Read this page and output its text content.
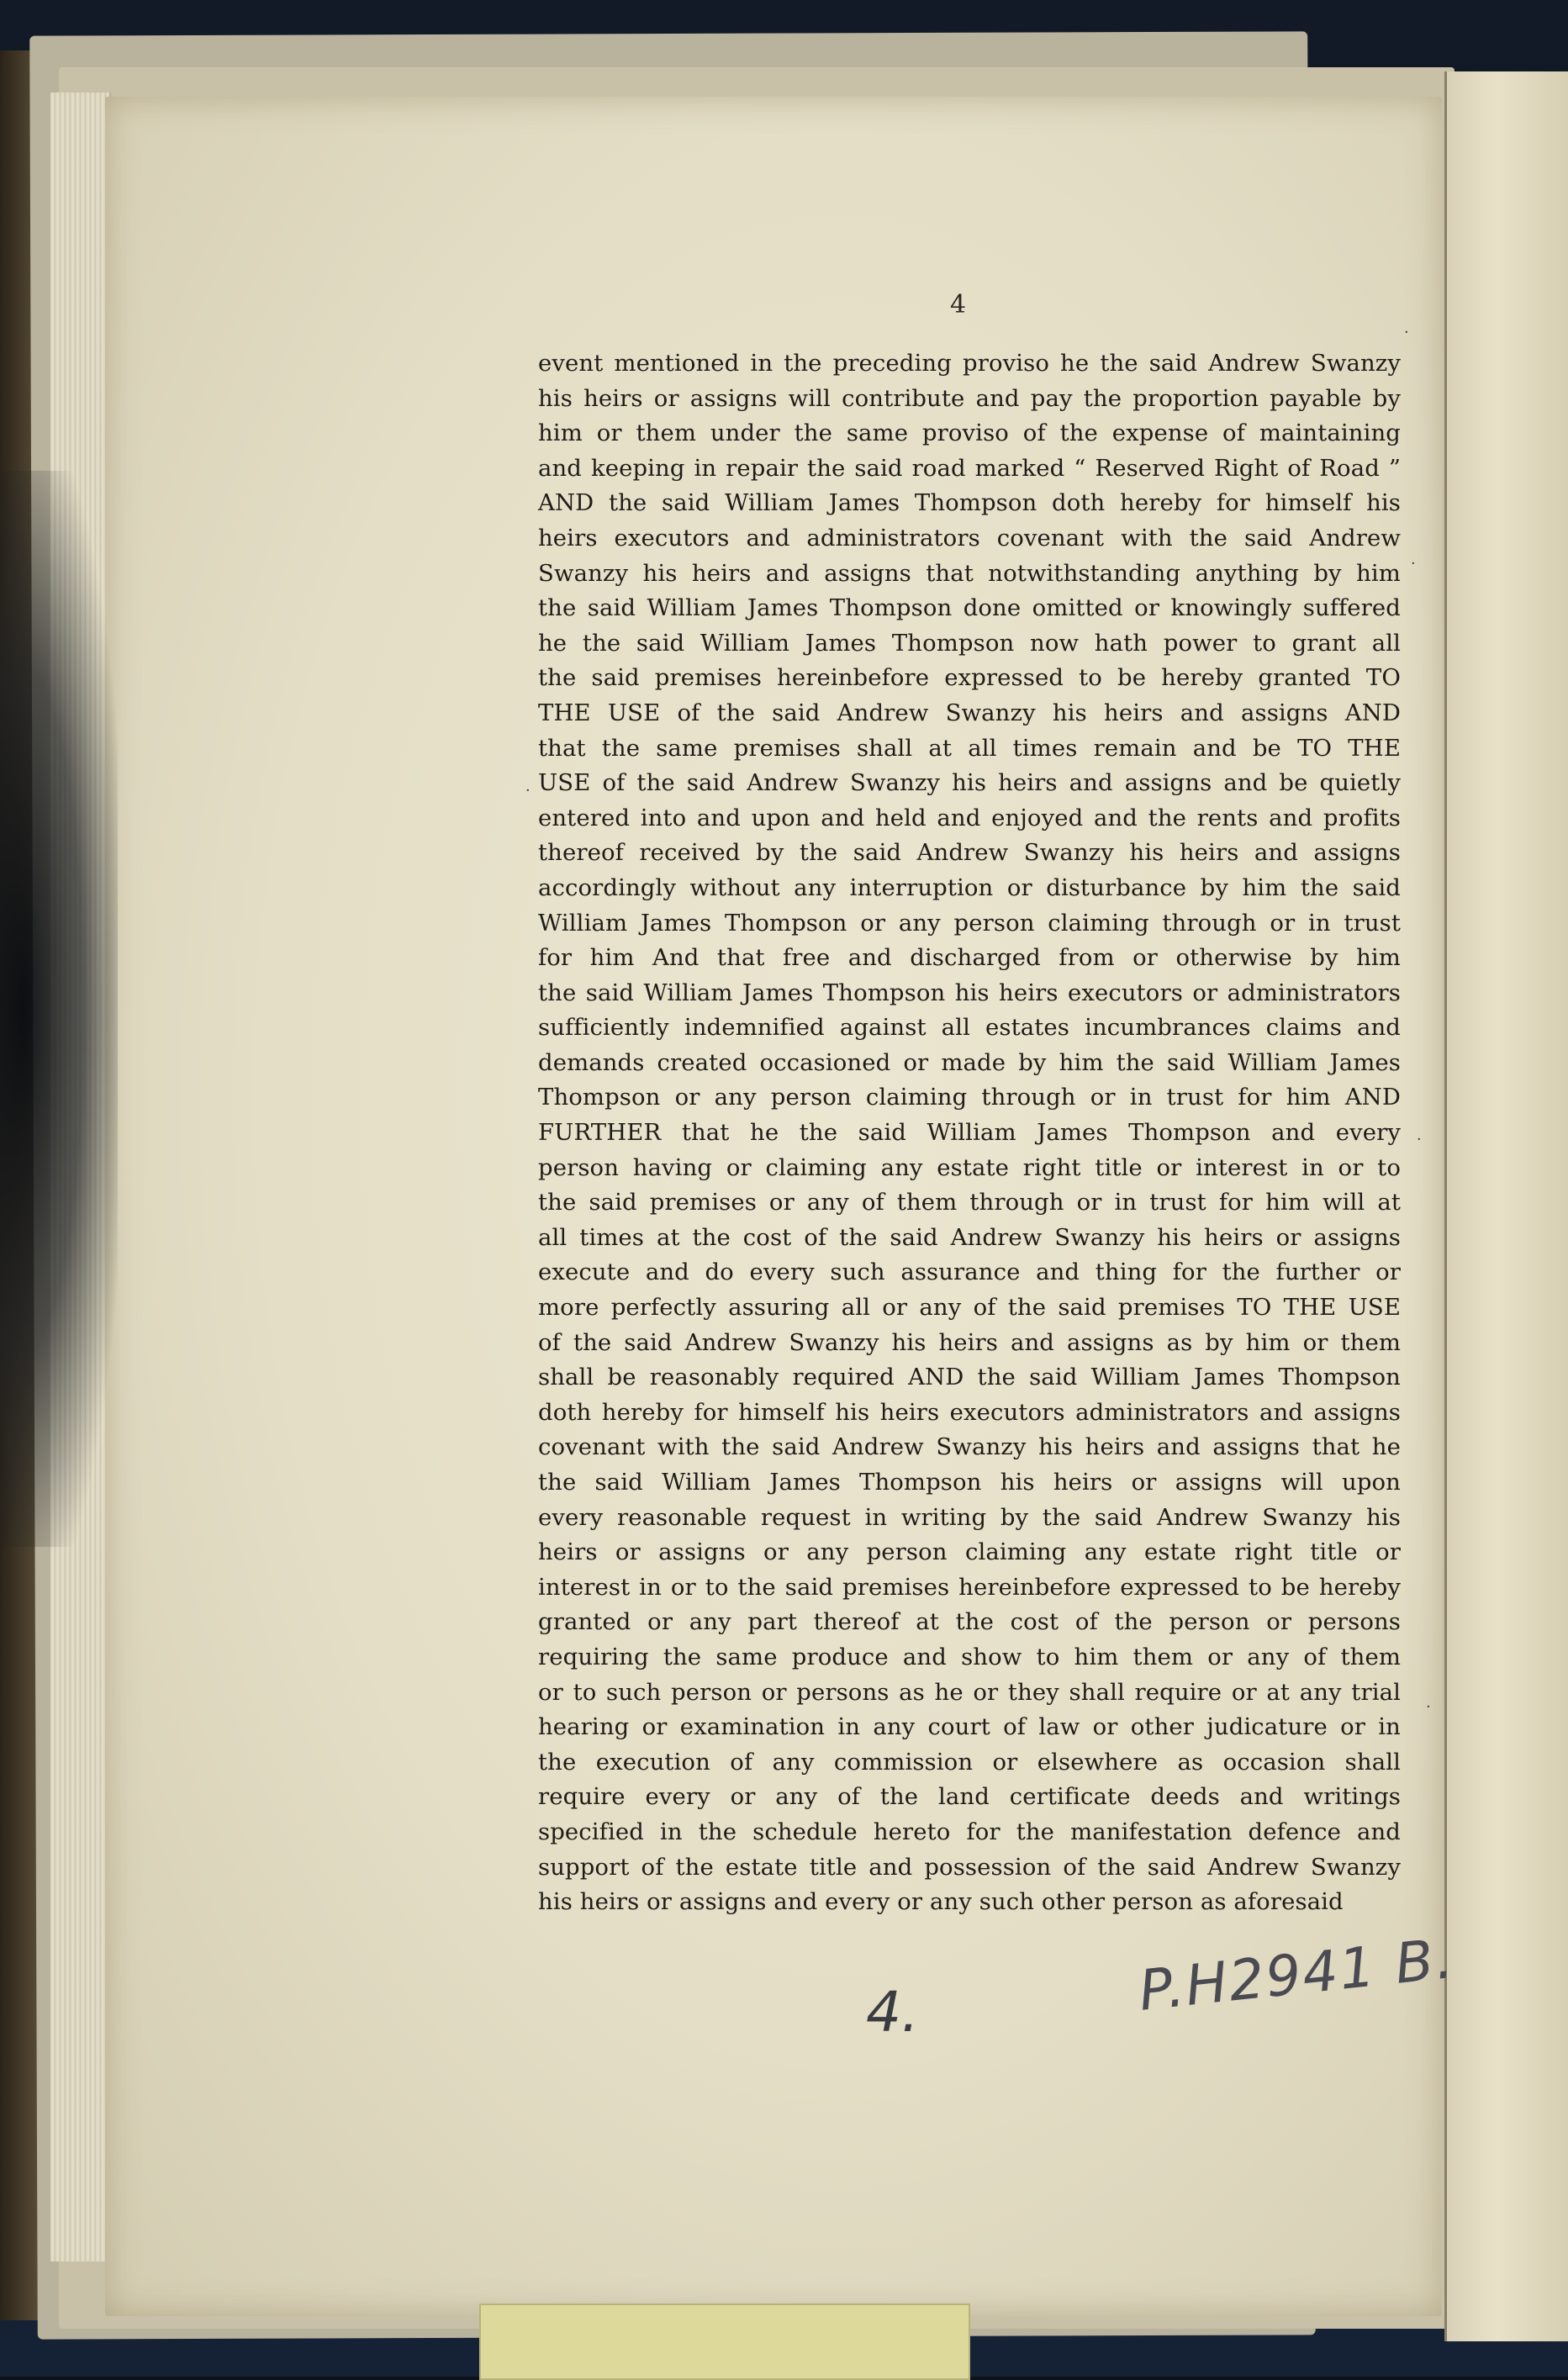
4
event mentioned in the preceding proviso he the said Andrew Swanzy
his heirs or assigns will contribute and pay the proportion payable by
him or them under the same proviso of the expense of maintaining
and keeping in repair the said road marked “ Reserved Right of Road ”
AND the said William James Thompson doth hereby for himself his
heirs executors and administrators covenant with the said Andrew
Swanzy his heirs and assigns that notwithstanding anything by him
the said William James Thompson done omitted or knowingly suffered
he the said William James Thompson now hath power to grant all
the said premises hereinbefore expressed to be hereby granted TO
THE USE of the said Andrew Swanzy his heirs and assigns AND
that the same premises shall at all times remain and be TO THE
USE of the said Andrew Swanzy his heirs and assigns and be quietly
entered into and upon and held and enjoyed and the rents and profits
thereof received by the said Andrew Swanzy his heirs and assigns
accordingly without any interruption or disturbance by him the said
William James Thompson or any person claiming through or in trust
for him And that free and discharged from or otherwise by him
the said William James Thompson his heirs executors or administrators
sufficiently indemnified against all estates incumbrances claims and
demands created occasioned or made by him the said William James
Thompson or any person claiming through or in trust for him AND
FURTHER that he the said William James Thompson and every
person having or claiming any estate right title or interest in or to
the said premises or any of them through or in trust for him will at
all times at the cost of the said Andrew Swanzy his heirs or assigns
execute and do every such assurance and thing for the further or
more perfectly assuring all or any of the said premises TO THE USE
of the said Andrew Swanzy his heirs and assigns as by him or them
shall be reasonably required AND the said William James Thompson
doth hereby for himself his heirs executors administrators and assigns
covenant with the said Andrew Swanzy his heirs and assigns that he
the said William James Thompson his heirs or assigns will upon
every reasonable request in writing by the said Andrew Swanzy his
heirs or assigns or any person claiming any estate right title or
interest in or to the said premises hereinbefore expressed to be hereby
granted or any part thereof at the cost of the person or persons
requiring the same produce and show to him them or any of them
or to such person or persons as he or they shall require or at any trial
hearing or examination in any court of law or other judicature or in
the execution of any commission or elsewhere as occasion shall
require every or any of the land certificate deeds and writings
specified in the schedule hereto for the manifestation defence and
support of the estate title and possession of the said Andrew Swanzy
his heirs or assigns and every or any such other person as aforesaid
4.	P.H2941 B.
·
·
·
·
·
